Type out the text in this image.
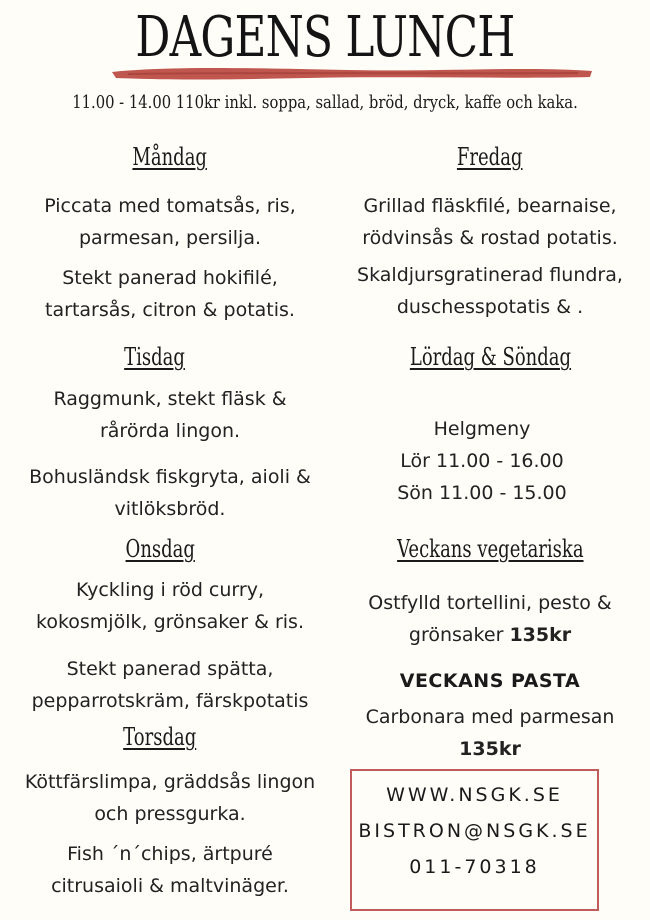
DAGENS LUNCH
11.00 - 14.00 110kr inkl. soppa, sallad, bröd, dryck, kaffe och kaka.
Måndag
Piccata med tomatsås, ris,
parmesan, persilja.
Stekt panerad hokifilé,
tartarsås, citron & potatis.
Tisdag
Raggmunk, stekt fläsk &
rårörda lingon.
Bohusländsk fiskgryta, aioli &
vitlöksbröd.
Onsdag
Kyckling i röd curry,
kokosmjölk, grönsaker & ris.
Stekt panerad spätta,
pepparrotskräm, färskpotatis
Torsdag
Köttfärslimpa, gräddsås lingon
och pressgurka.
Fish ´n´chips, ärtpuré
citrusaioli & maltvinäger.
Fredag
Grillad fläskfilé, bearnaise,
rödvinsås & rostad potatis.
Skaldjursgratinerad flundra,
duschesspotatis & .
Lördag & Söndag
Helgmeny
Lör 11.00 - 16.00
Sön 11.00 - 15.00
Veckans vegetariska
Ostfylld tortellini, pesto &
grönsaker 135kr
VECKANS PASTA
Carbonara med parmesan
135kr
WWW.NSGK.SE
BISTRON@NSGK.SE
011-70318
